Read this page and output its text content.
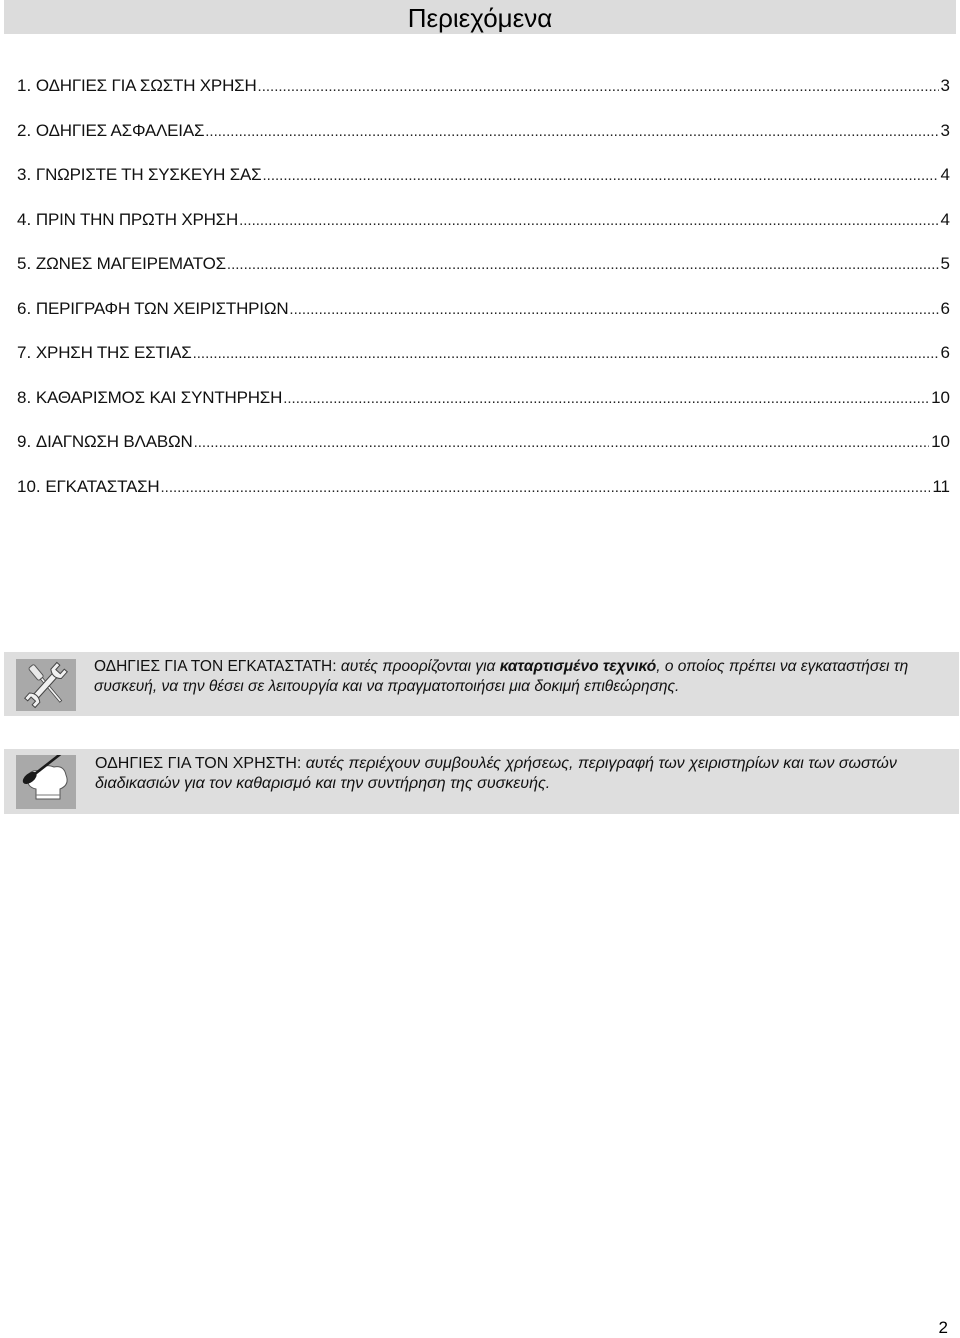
Περιεχόμενα
1.
ΟΔΗΓΙΕΣ ΓΙΑ ΣΩΣΤΗ ΧΡΗΣΗ .....	3
2.
ΟΔΗΓΙΕΣ ΑΣΦΑΛΕΙΑΣ .....	3
3.
ΓΝΩΡΙΣΤΕ ΤΗ ΣΥΣΚΕΥΗ ΣΑΣ .....	4
4.
ΠΡΙΝ ΤΗΝ ΠΡΩΤΗ ΧΡΗΣΗ .....	4
5.
ΖΩΝΕΣ ΜΑΓΕΙΡΕΜΑΤΟΣ .....	5
6.
ΠΕΡΙΓΡΑΦΗ ΤΩΝ ΧΕΙΡΙΣΤΗΡΙΩΝ .....	6
7.
ΧΡΗΣΗ ΤΗΣ ΕΣΤΙΑΣ .....	6
8.
ΚΑΘΑΡΙΣΜΟΣ ΚΑΙ ΣΥΝΤΗΡΗΣΗ .....	10
9.
ΔΙΑΓΝΩΣΗ ΒΛΑΒΩΝ .....	10
10.
ΕΓΚΑΤΑΣΤΑΣΗ .....	11
ΟΔΗΓΙΕΣ ΓΙΑ ΤΟΝ ΕΓΚΑΤΑΣΤΑΤΗ: αυτές προορίζονται για καταρτισμένο τεχνικό, ο οποίος πρέπει να εγκαταστήσει τη συσκευή, να την θέσει σε λειτουργία και να πραγματοποιήσει μια δοκιμή επιθεώρησης.
ΟΔΗΓΙΕΣ ΓΙΑ ΤΟΝ ΧΡΗΣΤΗ: αυτές περιέχουν συμβουλές χρήσεως, περιγραφή των χειριστηρίων και των σωστών διαδικασιών για τον καθαρισμό και την συντήρηση της συσκευής.
2
